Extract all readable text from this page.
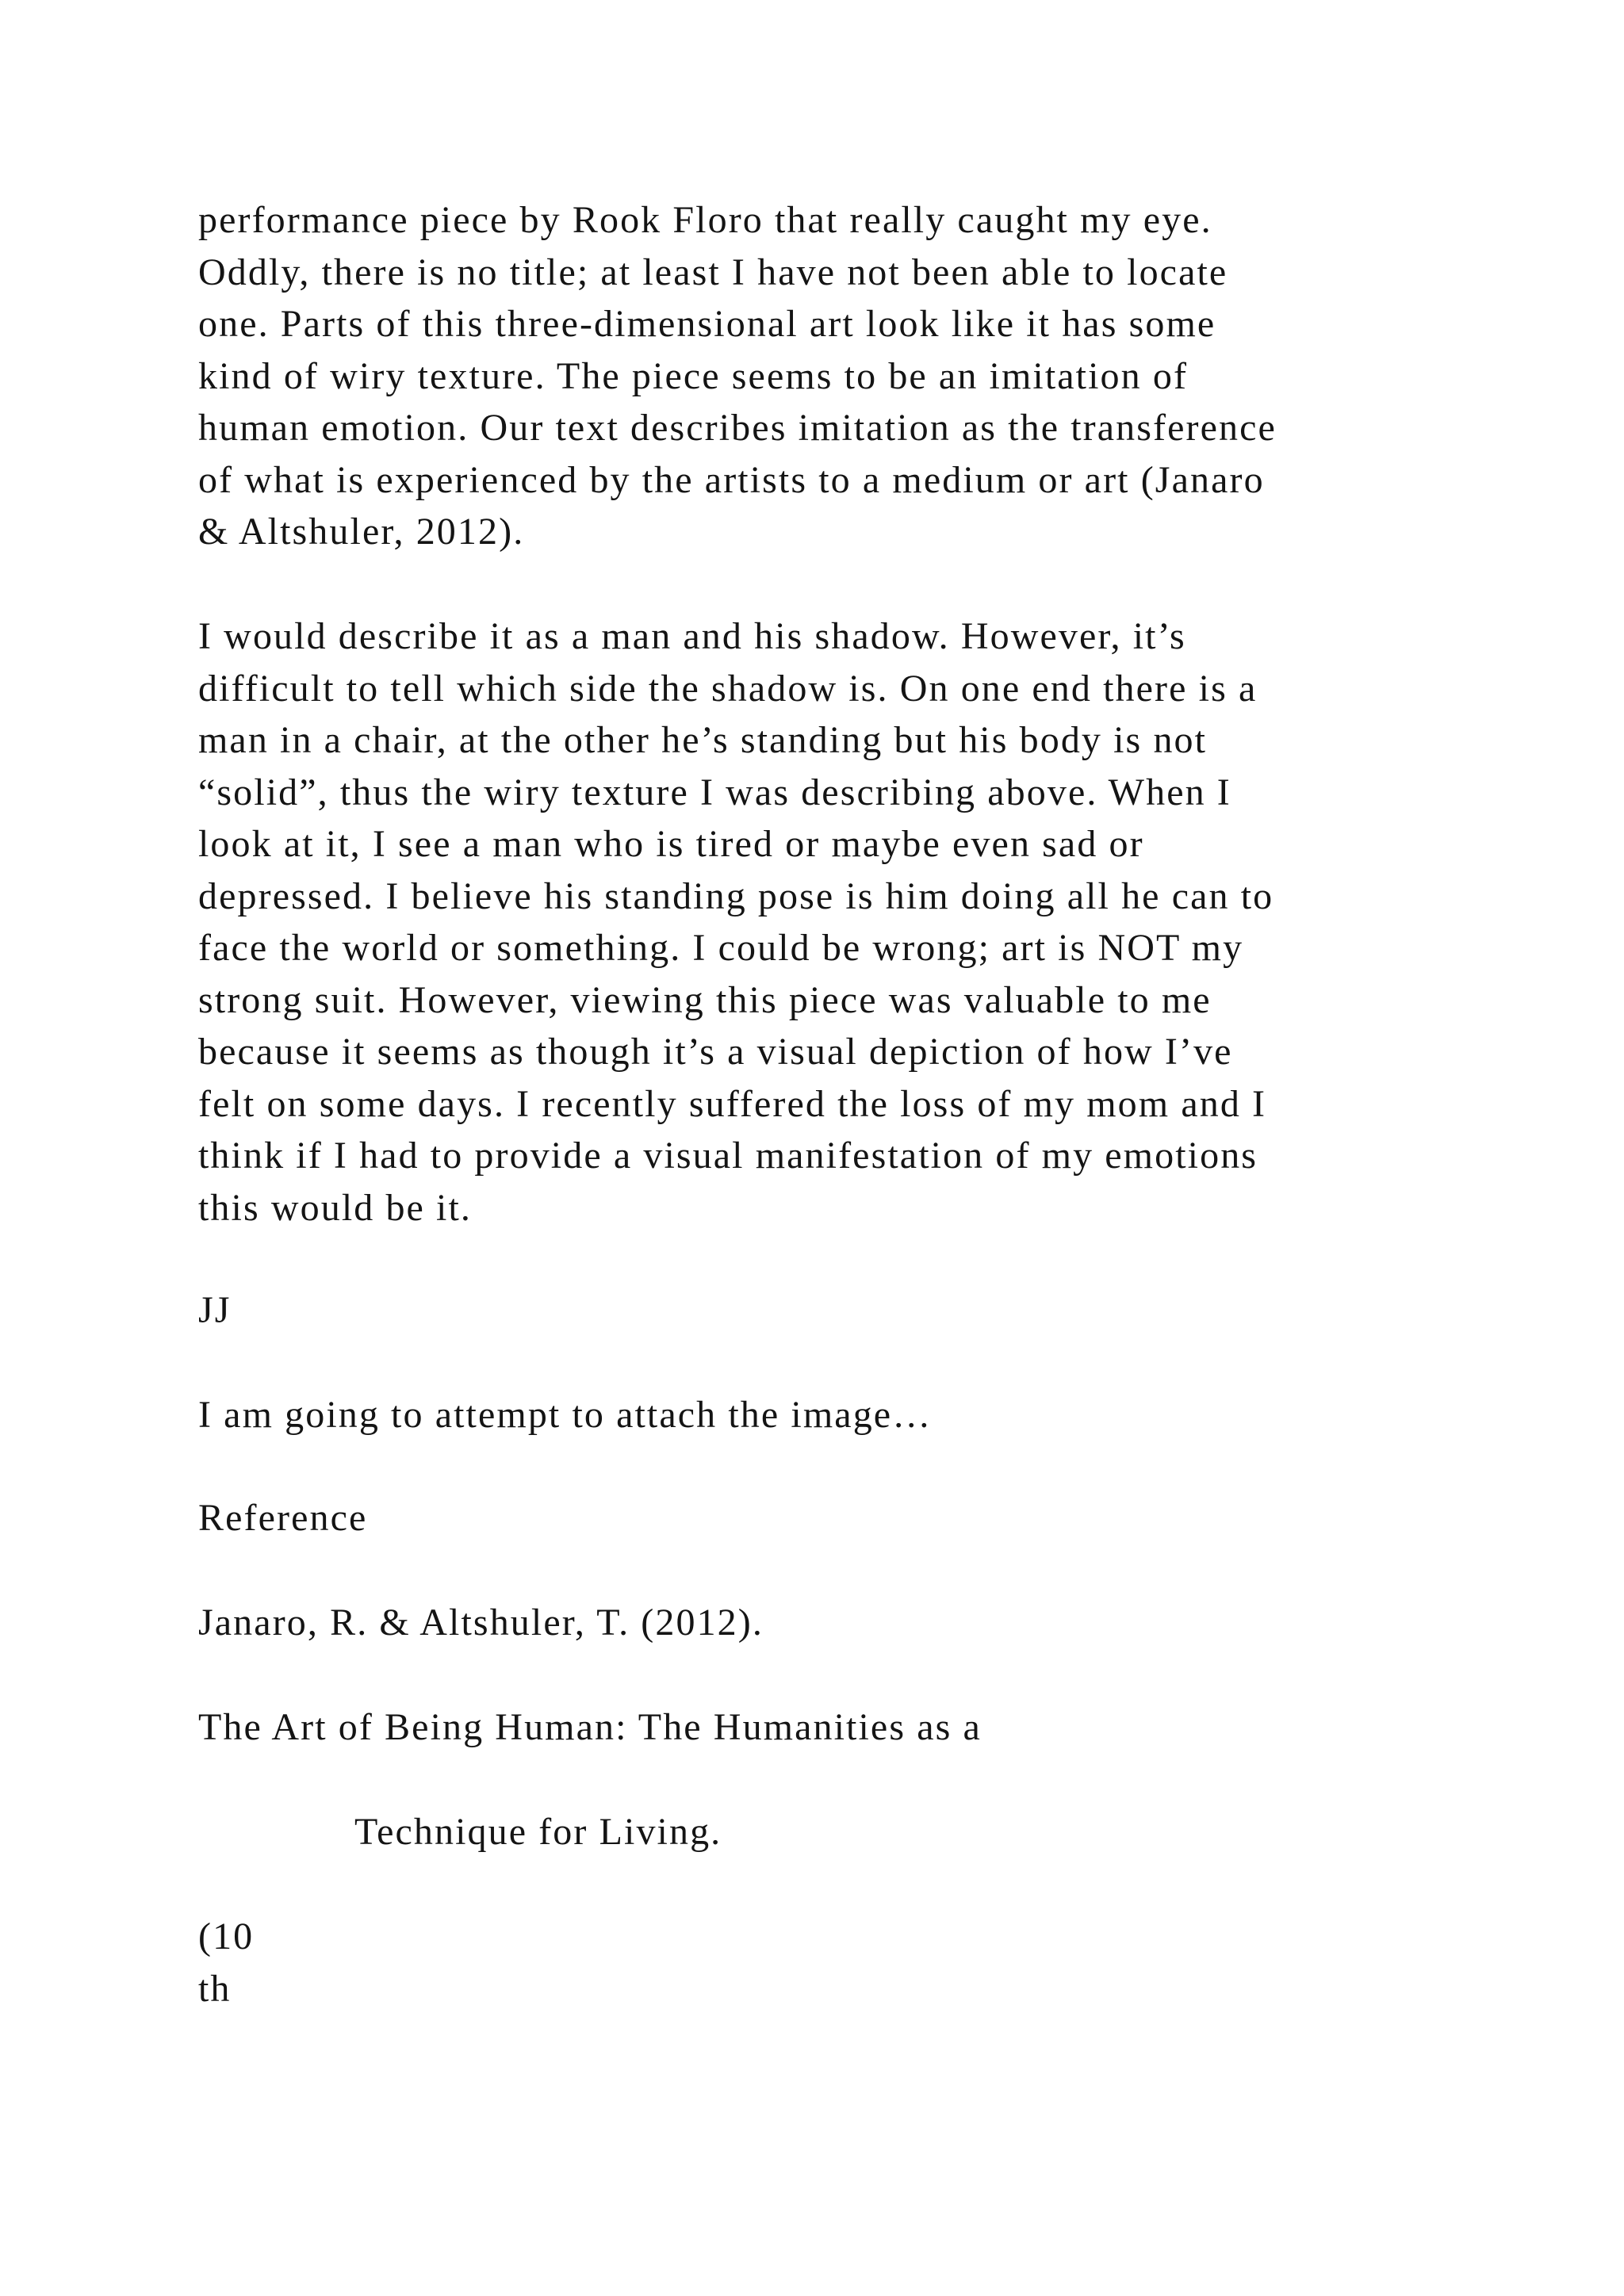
performance piece by Rook Floro that really caught my eye.
Oddly, there is no title; at least I have not been able to locate
one. Parts of this three-dimensional art look like it has some
kind of wiry texture. The piece seems to be an imitation of
human emotion. Our text describes imitation as the transference
of what is experienced by the artists to a medium or art (Janaro
& Altshuler, 2012).

I would describe it as a man and his shadow. However, it’s
difficult to tell which side the shadow is. On one end there is a
man in a chair, at the other he’s standing but his body is not
“solid”, thus the wiry texture I was describing above. When I
look at it, I see a man who is tired or maybe even sad or
depressed. I believe his standing pose is him doing all he can to
face the world or something. I could be wrong; art is NOT my
strong suit. However, viewing this piece was valuable to me
because it seems as though it’s a visual depiction of how I’ve
felt on some days. I recently suffered the loss of my mom and I
think if I had to provide a visual manifestation of my emotions
this would be it.

JJ

I am going to attempt to attach the image…

Reference

Janaro, R. & Altshuler, T. (2012).

The Art of Being Human: The Humanities as a

Technique for Living.

(10

th
